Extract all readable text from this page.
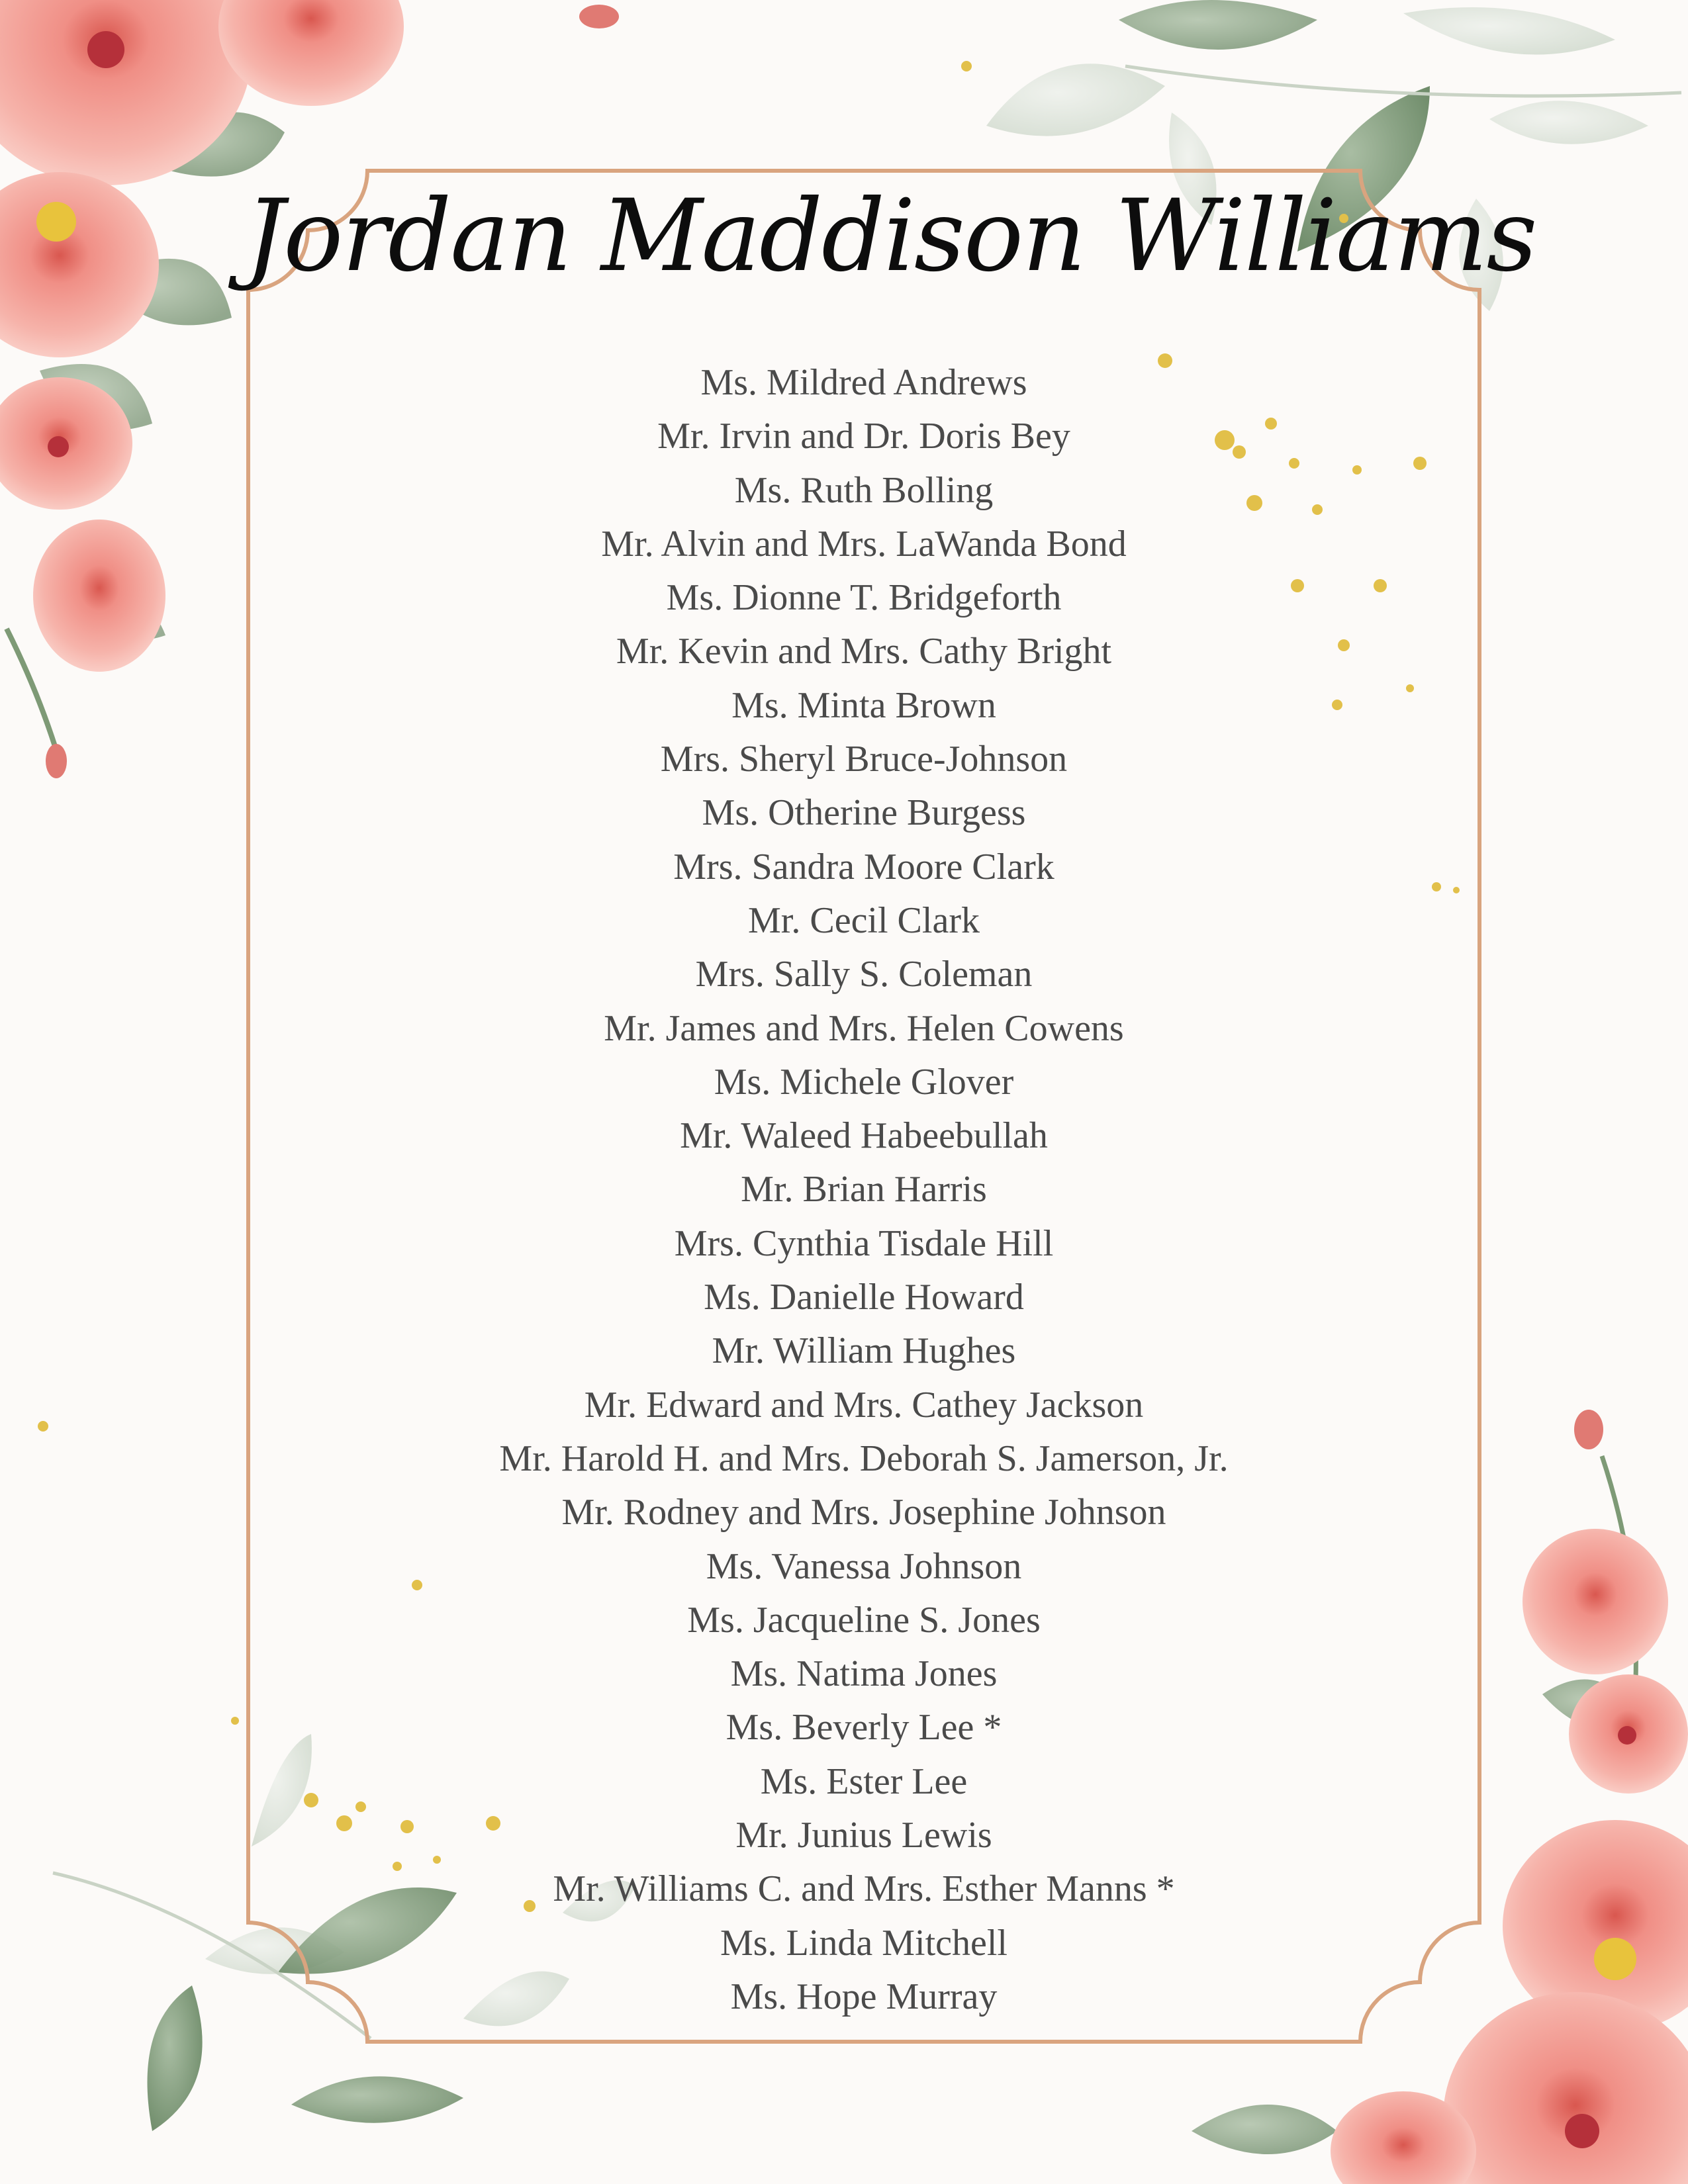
Jordan Maddison Williams
Ms. Mildred Andrews
Mr. Irvin and Dr. Doris Bey
Ms. Ruth Bolling
Mr. Alvin and Mrs. LaWanda Bond
Ms. Dionne T. Bridgeforth
Mr. Kevin and Mrs. Cathy Bright
Ms. Minta Brown
Mrs. Sheryl Bruce-Johnson
Ms. Otherine Burgess
Mrs. Sandra Moore Clark
Mr. Cecil Clark
Mrs. Sally S. Coleman
Mr. James and Mrs. Helen Cowens
Ms. Michele Glover
Mr. Waleed Habeebullah
Mr. Brian Harris
Mrs. Cynthia Tisdale Hill
Ms. Danielle Howard
Mr. William Hughes
Mr. Edward and Mrs. Cathey Jackson
Mr. Harold H. and Mrs. Deborah S. Jamerson, Jr.
Mr. Rodney and Mrs. Josephine Johnson
Ms. Vanessa Johnson
Ms. Jacqueline S. Jones
Ms. Natima Jones
Ms. Beverly Lee *
Ms. Ester Lee
Mr. Junius Lewis
Mr. Williams C. and Mrs. Esther Manns *
Ms. Linda Mitchell
Ms. Hope Murray
